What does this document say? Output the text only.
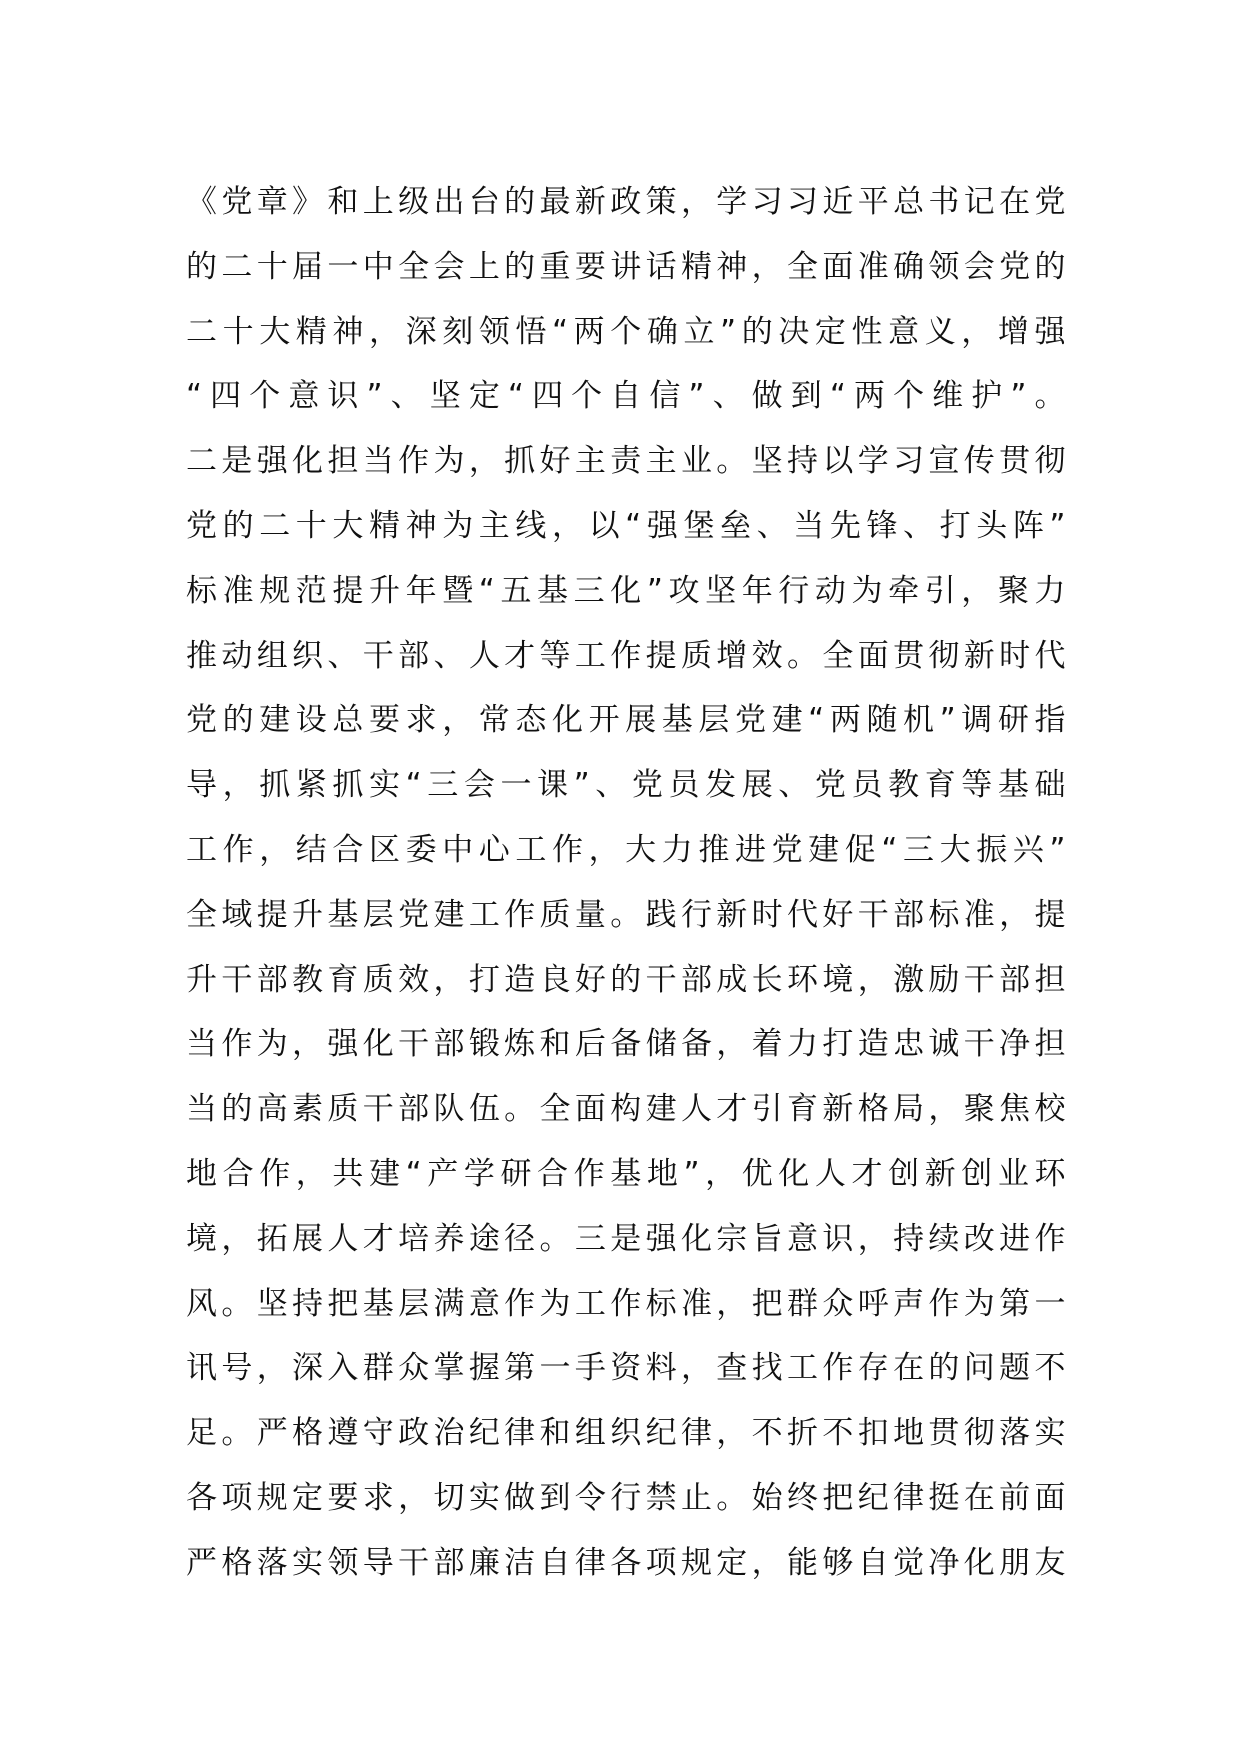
《党章》和上级出台的最新政策，学习习近平总书记在党
的二十届一中全会上的重要讲话精神，全面准确领会党的
二十大精神，深刻领悟“两个确立”的决定性意义，增强
“四个意识”、坚定“四个自信”、做到“两个维护”。
二是强化担当作为，抓好主责主业。坚持以学习宣传贯彻
党的二十大精神为主线，以“强堡垒、当先锋、打头阵”
标准规范提升年暨“五基三化”攻坚年行动为牵引，聚力
推动组织、干部、人才等工作提质增效。全面贯彻新时代
党的建设总要求，常态化开展基层党建“两随机”调研指
导，抓紧抓实“三会一课”、党员发展、党员教育等基础
工作，结合区委中心工作，大力推进党建促“三大振兴”
全域提升基层党建工作质量。践行新时代好干部标准，提
升干部教育质效，打造良好的干部成长环境，激励干部担
当作为，强化干部锻炼和后备储备，着力打造忠诚干净担
当的高素质干部队伍。全面构建人才引育新格局，聚焦校
地合作，共建“产学研合作基地”，优化人才创新创业环
境，拓展人才培养途径。三是强化宗旨意识，持续改进作
风。坚持把基层满意作为工作标准，把群众呼声作为第一
讯号，深入群众掌握第一手资料，查找工作存在的问题不
足。严格遵守政治纪律和组织纪律，不折不扣地贯彻落实
各项规定要求，切实做到令行禁止。始终把纪律挺在前面
严格落实领导干部廉洁自律各项规定，能够自觉净化朋友
